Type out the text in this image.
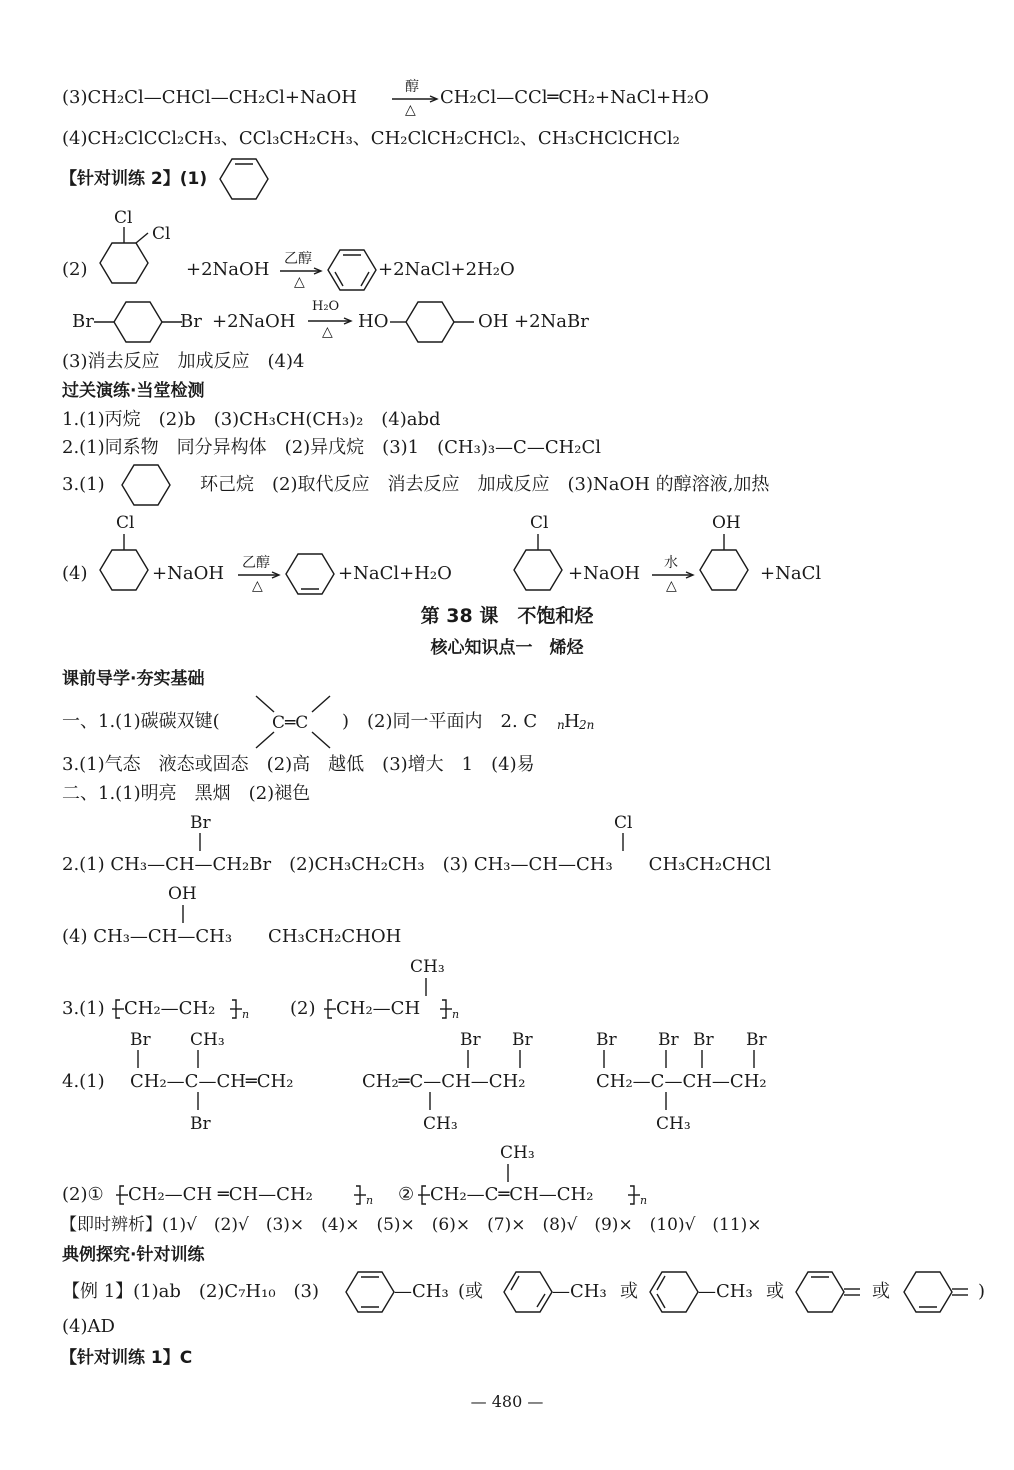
(3)CH₂Cl—CHCl—CH₂Cl+NaOH	醇
△
CH₂Cl—CCl═CH₂+NaCl+H₂O
(4)CH₂ClCCl₂CH₃、CCl₃CH₂CH₃、CH₂ClCH₂CHCl₂、CH₃CHClCHCl₂
【针对训练 2】(1)
(2)
Cl
Cl
+2NaOH 乙醇
△
+2NaCl+2H₂O
Br	Br +2NaOH
H₂O
△ HO	OH +2NaBr
(3)消去反应　加成反应　(4)4
过关演练·当堂检测
1.(1)丙烷　(2)b　(3)CH₃CH(CH₃)₂　(4)abd
2.(1)同系物　同分异构体　(2)异戊烷　(3)1　(CH₃)₃—C—CH₂Cl
3.(1)	环己烷　(2)取代反应　消去反应　加成反应　(3)NaOH 的醇溶液,加热
(4)
Cl
+NaOH 乙醇
△
+NaCl+H₂O
Cl
+NaOH 水
△
OH
+NaCl
第 38 课　不饱和烃
核心知识点一　烯烃
课前导学·夯实基础
一、1.(1)碳碳双键(	C═C )　(2)同一平面内　2. C n H 2n
3.(1)气态　液态或固态　(2)高　越低　(3)增大　1　(4)易
二、1.(1)明亮　黑烟　(2)褪色
Br	Cl
2.(1) CH₃—CH—CH₂Br　(2)CH₃CH₂CH₃　(3) CH₃—CH—CH₃　　CH₃CH₂CHCl
OH
(4) CH₃—CH—CH₃　　CH₃CH₂CHOH
CH₃
3.(1) CH₂—CH₂ n (2) CH₂—CH	n
Br CH₃	Br Br	Br Br Br Br
4.(1) CH₂—C—CH═CH₂	CH₂═C—CH—CH₂	CH₂—C—CH—CH₂
Br	CH₃	CH₃
CH₃
(2)① CH₂—CH ═CH—CH₂	n ② CH₂—C═CH—CH₂	n
【即时辨析】(1)√　(2)√　(3)×　(4)×　(5)×　(6)×　(7)×　(8)√　(9)×　(10)√　(11)×
典例探究·针对训练
【例 1】(1)ab　(2)C₇H₁₀　(3)	—CH₃ (或	—CH₃ 或	—CH₃ 或	或	)
(4)AD
【针对训练 1】C
— 480 —
